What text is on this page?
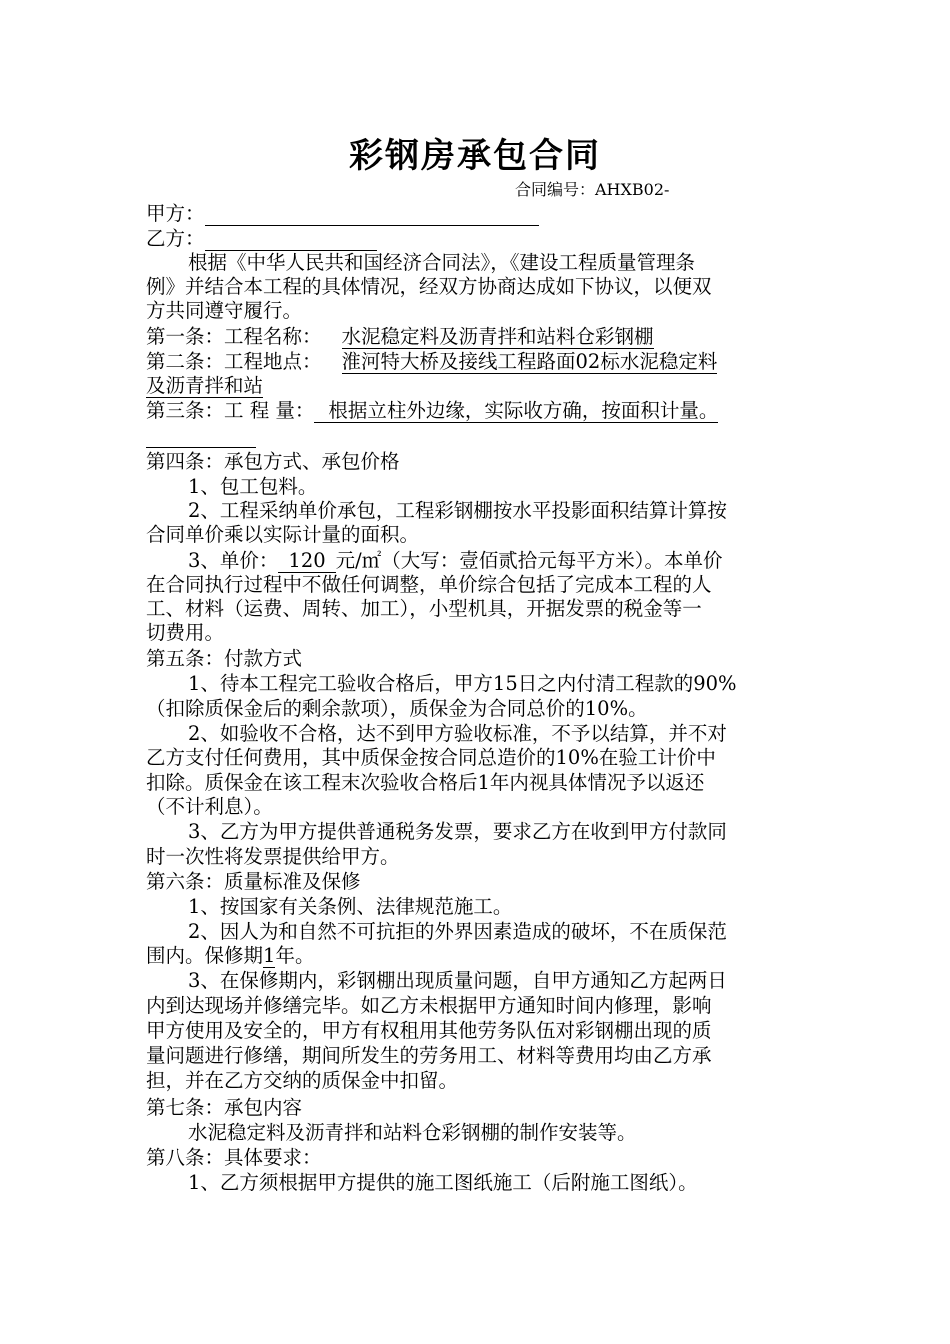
彩钢房承包合同
合同编号：AHXB02-
甲方：
乙方：
根据《中华人民共和国经济合同法》，《建设工程质量管理条
例》并结合本工程的具体情况，经双方协商达成如下协议，以便双
方共同遵守履行。
第一条：工程名称： 水泥稳定料及沥青拌和站料仓彩钢棚
第二条：工程地点： 淮河特大桥及接线工程路面02标水泥稳定料
及沥青拌和站
第三条：工 程 量： 根据立柱外边缘，实际收方确，按面积计量。
第四条：承包方式、承包价格
1、包工包料。
2、工程采纳单价承包，工程彩钢棚按水平投影面积结算计算按
合同单价乘以实际计量的面积。
3、单价： 120 元/㎡（大写：壹佰贰拾元每平方米）。本单价
在合同执行过程中不做任何调整，单价综合包括了完成本工程的人
工、材料（运费、周转、加工），小型机具，开据发票的税金等一
切费用。
第五条：付款方式
1、待本工程完工验收合格后，甲方15日之内付清工程款的90%
（扣除质保金后的剩余款项），质保金为合同总价的10%。
2、如验收不合格，达不到甲方验收标准，不予以结算，并不对
乙方支付任何费用，其中质保金按合同总造价的10%在验工计价中
扣除。质保金在该工程末次验收合格后1年内视具体情况予以返还
（不计利息）。
3、乙方为甲方提供普通税务发票，要求乙方在收到甲方付款同
时一次性将发票提供给甲方。
第六条：质量标准及保修
1、按国家有关条例、法律规范施工。
2、因人为和自然不可抗拒的外界因素造成的破坏，不在质保范
围内。保修期1年。
3、在保修期内，彩钢棚出现质量问题，自甲方通知乙方起两日
内到达现场并修缮完毕。如乙方未根据甲方通知时间内修理，影响
甲方使用及安全的，甲方有权租用其他劳务队伍对彩钢棚出现的质
量问题进行修缮，期间所发生的劳务用工、材料等费用均由乙方承
担，并在乙方交纳的质保金中扣留。
第七条：承包内容
水泥稳定料及沥青拌和站料仓彩钢棚的制作安装等。
第八条：具体要求：
1、乙方须根据甲方提供的施工图纸施工（后附施工图纸）。
